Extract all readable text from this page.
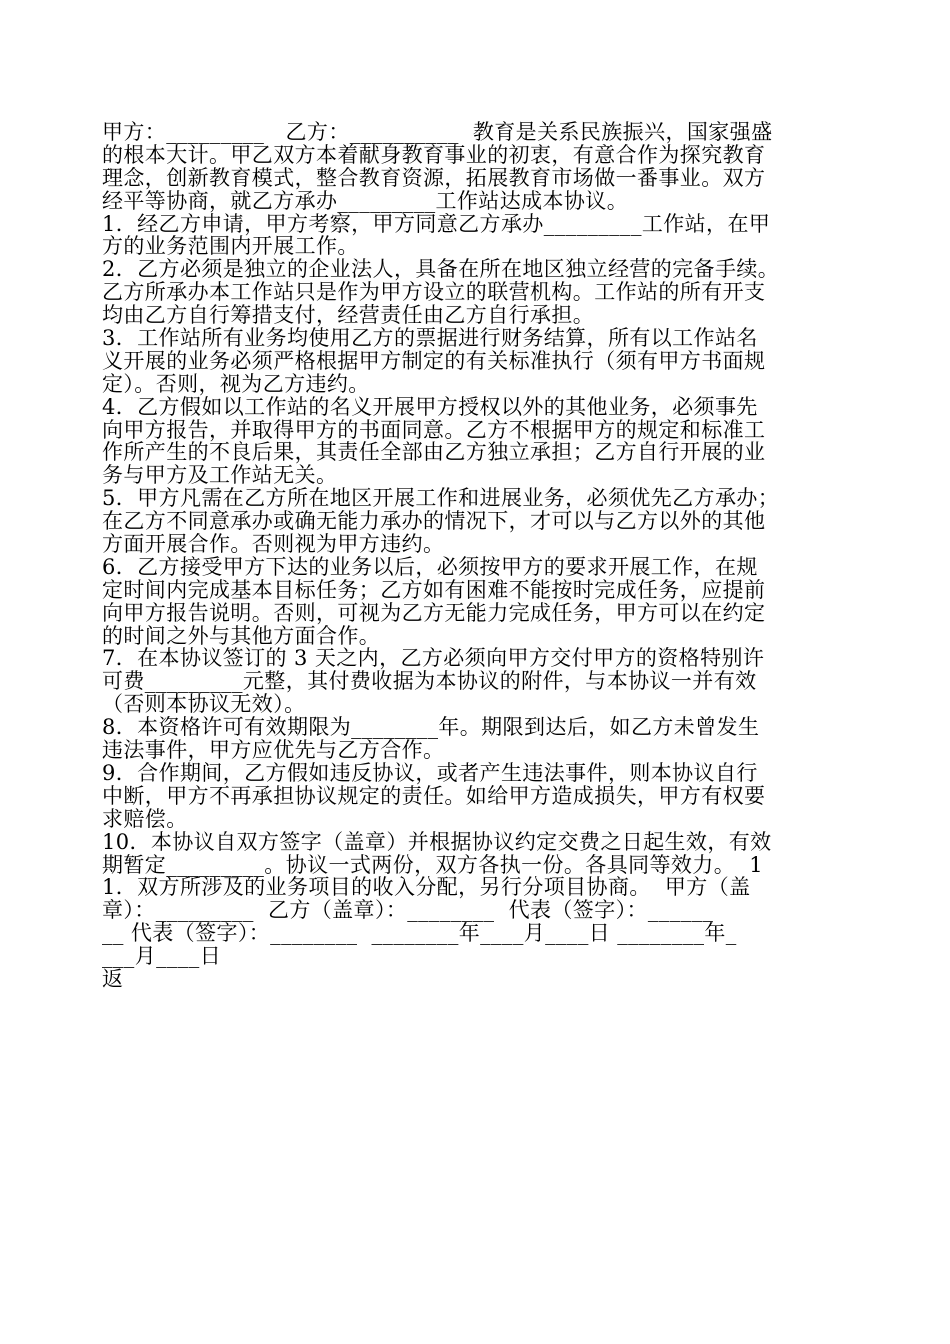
甲方：_________   乙方：__________  教育是关系民族振兴，国家强盛
的根本大计。甲乙双方本着献身教育事业的初衷，有意合作为探究教育
理念，创新教育模式，整合教育资源，拓展教育市场做一番事业。双方
经平等协商，就乙方承办_________工作站达成本协议。
1．经乙方申请，甲方考察，甲方同意乙方承办_________工作站，在甲
方的业务范围内开展工作。
2．乙方必须是独立的企业法人，具备在所在地区独立经营的完备手续。
乙方所承办本工作站只是作为甲方设立的联营机构。工作站的所有开支
均由乙方自行筹措支付，经营责任由乙方自行承担。
3．工作站所有业务均使用乙方的票据进行财务结算，所有以工作站名
义开展的业务必须严格根据甲方制定的有关标准执行（须有甲方书面规
定）。否则，视为乙方违约。
4．乙方假如以工作站的名义开展甲方授权以外的其他业务，必须事先
向甲方报告，并取得甲方的书面同意。乙方不根据甲方的规定和标准工
作所产生的不良后果，其责任全部由乙方独立承担；乙方自行开展的业
务与甲方及工作站无关。
5．甲方凡需在乙方所在地区开展工作和进展业务，必须优先乙方承办；
在乙方不同意承办或确无能力承办的情况下，才可以与乙方以外的其他
方面开展合作。否则视为甲方违约。
6．乙方接受甲方下达的业务以后，必须按甲方的要求开展工作，在规
定时间内完成基本目标任务；乙方如有困难不能按时完成任务，应提前
向甲方报告说明。否则，可视为乙方无能力完成任务，甲方可以在约定
的时间之外与其他方面合作。
7．在本协议签订的 3 天之内，乙方必须向甲方交付甲方的资格特别许
可费_________元整，其付费收据为本协议的附件，与本协议一并有效
（否则本协议无效）。
8．本资格许可有效期限为________年。期限到达后，如乙方未曾发生
违法事件，甲方应优先与乙方合作。
9．合作期间，乙方假如违反协议，或者产生违法事件，则本协议自行
中断，甲方不再承担协议规定的责任。如给甲方造成损失，甲方有权要
求赔偿。
10．本协议自双方签字（盖章）并根据协议约定交费之日起生效，有效
期暂定_________。协议一式两份，双方各执一份。各具同等效力。  1
1．双方所涉及的业务项目的收入分配，另行分项目协商。  甲方（盖
章）：_________  乙方（盖章）：________  代表（签字）：______
__ 代表（签字）：________  ________年____月____日 ________年_
___月____日
返
